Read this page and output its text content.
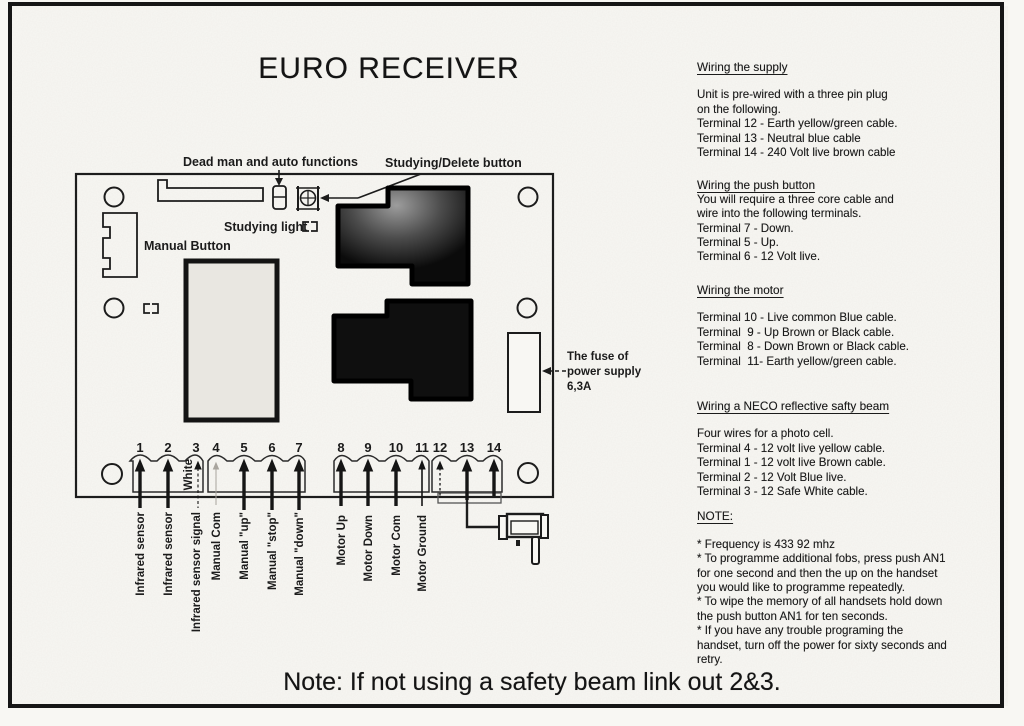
EURO RECEIVER
1 2 3 4 5 6 7	8 9 10 11 12 13 14
Dead man and auto functions Studying/Delete button
Studying light
Manual Button
The fuse of
power supply
6,3A
White
Infrared sensor Infrared sensor Infrared sensor signal Manual Com Manual "up" Manual "stop" Manual "down"	Motor Up Motor Down Motor Com Motor Ground
Wiring the supply

Unit is pre-wired with a three pin plug

on the following.

Terminal 12 - Earth yellow/green cable.

Terminal 13 - Neutral blue cable

Terminal 14 - 240 Volt live brown cable

Wiring the push button

You will require a three core cable and

wire into the following terminals.

Terminal 7 - Down.

Terminal 5 - Up.

Terminal 6 - 12 Volt live.

Wiring the motor

Terminal 10 - Live common Blue cable.

Terminal  9 - Up Brown or Black cable.

Terminal  8 - Down Brown or Black cable.

Terminal  11- Earth yellow/green cable.

Wiring a NECO reflective safty beam

Four wires for a photo cell.

Terminal 4 - 12 volt live yellow cable.

Terminal 1 - 12 volt live Brown cable.

Terminal 2 - 12 Volt Blue live.

Terminal 3 - 12 Safe White cable.

NOTE:

* Frequency is 433 92 mhz

* To programme additional fobs, press push AN1

for one second and then the up on the handset

you would like to programme repeatedly.

* To wipe the memory of all handsets hold down

the push button AN1 for ten seconds.

* If you have any trouble programing the

handset, turn off the power for sixty seconds and

retry.

Note: If not using a safety beam link out 2&3.
